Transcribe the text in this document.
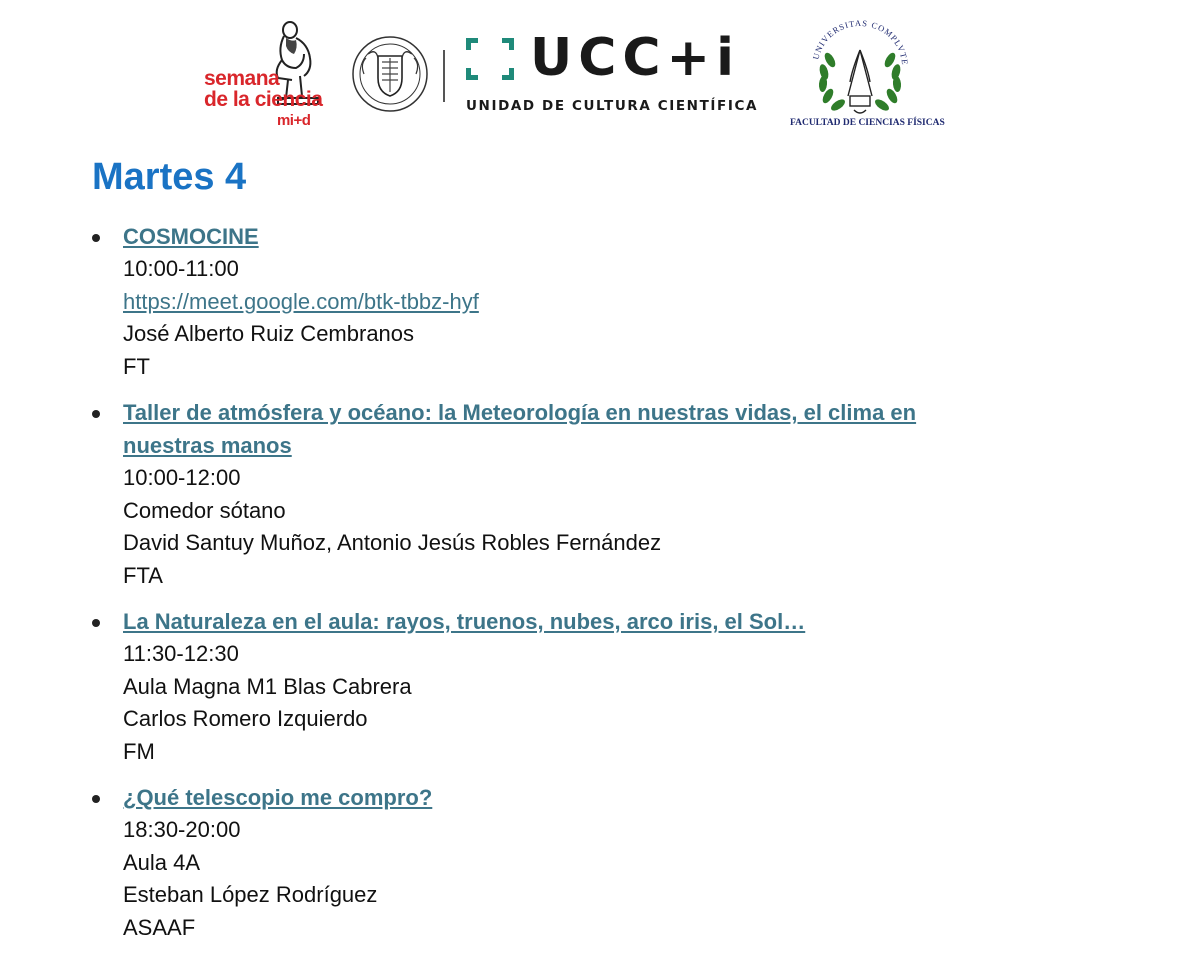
semana
de la ciencia
mi+d
UCC+i
UNIDAD DE CULTURA CIENTÍFICA
UNIVERSITAS COMPLVTE
FACULTAD DE CIENCIAS FÍSICAS
Martes 4
COSMOCINE
10:00-11:00
https://meet.google.com/btk-tbbz-hyf
José Alberto Ruiz Cembranos
FT
Taller de atmósfera y océano: la Meteorología en nuestras vidas, el clima en
nuestras manos
10:00-12:00
Comedor sótano
David Santuy Muñoz, Antonio Jesús Robles Fernández
FTA
La Naturaleza en el aula: rayos, truenos, nubes, arco iris, el Sol…
11:30-12:30
Aula Magna M1 Blas Cabrera
Carlos Romero Izquierdo
FM
¿Qué telescopio me compro?
18:30-20:00
Aula 4A
Esteban López Rodríguez
ASAAF
